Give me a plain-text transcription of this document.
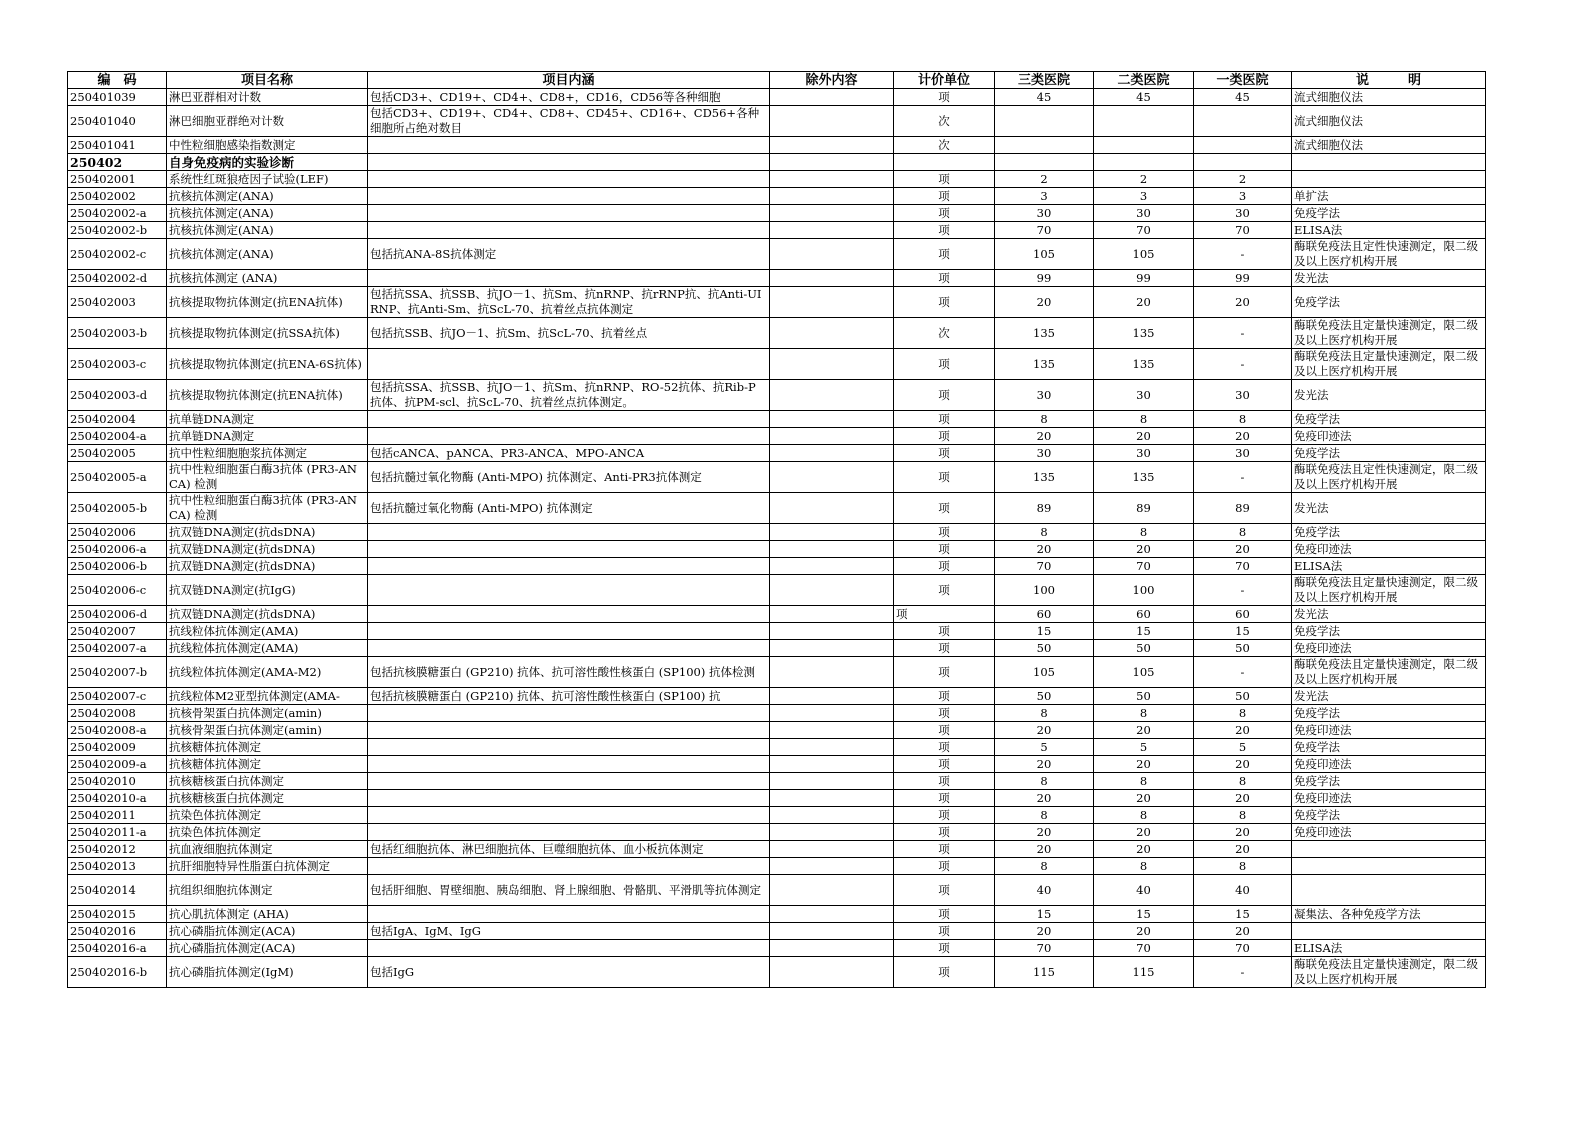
编　码	项目名称	项目内涵	除外内容	计价单位	三类医院	二类医院	一类医院	说　　　明
250401039	淋巴亚群相对计数	包括CD3+、CD19+、CD4+、CD8+，CD16，CD56等各种细胞		项	45	45	45	流式细胞仪法
250401040	淋巴细胞亚群绝对计数	包括CD3+、CD19+、CD4+、CD8+、CD45+、CD16+、CD56+各种细胞所占绝对数目		次				流式细胞仪法
250401041	中性粒细胞感染指数测定			次				流式细胞仪法
250402	自身免疫病的实验诊断							
250402001	系统性红斑狼疮因子试验(LEF)			项	2	2	2	
250402002	抗核抗体测定(ANA)			项	3	3	3	单扩法
250402002-a	抗核抗体测定(ANA)			项	30	30	30	免疫学法
250402002-b	抗核抗体测定(ANA)			项	70	70	70	ELISA法
250402002-c	抗核抗体测定(ANA)	包括抗ANA-8S抗体测定		项	105	105	-	酶联免疫法且定性快速测定，限二级及以上医疗机构开展
250402002-d	抗核抗体测定 (ANA)			项	99	99	99	发光法
250402003	抗核提取物抗体测定(抗ENA抗体)	包括抗SSA、抗SSB、抗JO－1、抗Sm、抗nRNP、抗rRNP抗、抗Anti-UIRNP、抗Anti-Sm、抗ScL-70、抗着丝点抗体测定		项	20	20	20	免疫学法
250402003-b	抗核提取物抗体测定(抗SSA抗体)	包括抗SSB、抗JO－1、抗Sm、抗ScL-70、抗着丝点		次	135	135	-	酶联免疫法且定量快速测定，限二级及以上医疗机构开展
250402003-c	抗核提取物抗体测定(抗ENA-6S抗体)			项	135	135	-	酶联免疫法且定量快速测定，限二级及以上医疗机构开展
250402003-d	抗核提取物抗体测定(抗ENA抗体)	包括抗SSA、抗SSB、抗JO－1、抗Sm、抗nRNP、RO-52抗体、抗Rib-P抗体、抗PM-scl、抗ScL-70、抗着丝点抗体测定。		项	30	30	30	发光法
250402004	抗单链DNA测定			项	8	8	8	免疫学法
250402004-a	抗单链DNA测定			项	20	20	20	免疫印迹法
250402005	抗中性粒细胞胞浆抗体测定	包括cANCA、pANCA、PR3-ANCA、MPO-ANCA		项	30	30	30	免疫学法
250402005-a	抗中性粒细胞蛋白酶3抗体 (PR3-ANCA) 检测	包括抗髓过氧化物酶 (Anti-MPO) 抗体测定、Anti-PR3抗体测定		项	135	135	-	酶联免疫法且定性快速测定，限二级及以上医疗机构开展
250402005-b	抗中性粒细胞蛋白酶3抗体 (PR3-ANCA) 检测	包括抗髓过氧化物酶 (Anti-MPO) 抗体测定		项	89	89	89	发光法
250402006	抗双链DNA测定(抗dsDNA)			项	8	8	8	免疫学法
250402006-a	抗双链DNA测定(抗dsDNA)			项	20	20	20	免疫印迹法
250402006-b	抗双链DNA测定(抗dsDNA)			项	70	70	70	ELISA法
250402006-c	抗双链DNA测定(抗IgG)			项	100	100	-	酶联免疫法且定量快速测定，限二级及以上医疗机构开展
250402006-d	抗双链DNA测定(抗dsDNA)			项	60	60	60	发光法
250402007	抗线粒体抗体测定(AMA)			项	15	15	15	免疫学法
250402007-a	抗线粒体抗体测定(AMA)			项	50	50	50	免疫印迹法
250402007-b	抗线粒体抗体测定(AMA-M2)	包括抗核膜糖蛋白 (GP210) 抗体、抗可溶性酸性核蛋白 (SP100) 抗体检测		项	105	105	-	酶联免疫法且定量快速测定，限二级及以上医疗机构开展
250402007-c	抗线粒体M2亚型抗体测定(AMA-	包括抗核膜糖蛋白 (GP210) 抗体、抗可溶性酸性核蛋白 (SP100) 抗		项	50	50	50	发光法
250402008	抗核骨架蛋白抗体测定(amin)			项	8	8	8	免疫学法
250402008-a	抗核骨架蛋白抗体测定(amin)			项	20	20	20	免疫印迹法
250402009	抗核糖体抗体测定			项	5	5	5	免疫学法
250402009-a	抗核糖体抗体测定			项	20	20	20	免疫印迹法
250402010	抗核糖核蛋白抗体测定			项	8	8	8	免疫学法
250402010-a	抗核糖核蛋白抗体测定			项	20	20	20	免疫印迹法
250402011	抗染色体抗体测定			项	8	8	8	免疫学法
250402011-a	抗染色体抗体测定			项	20	20	20	免疫印迹法
250402012	抗血液细胞抗体测定	包括红细胞抗体、淋巴细胞抗体、巨噬细胞抗体、血小板抗体测定		项	20	20	20	
250402013	抗肝细胞特异性脂蛋白抗体测定			项	8	8	8	
250402014	抗组织细胞抗体测定	包括肝细胞、胃壁细胞、胰岛细胞、肾上腺细胞、骨骼肌、平滑肌等抗体测定		项	40	40	40	
250402015	抗心肌抗体测定 (AHA)			项	15	15	15	凝集法、各种免疫学方法
250402016	抗心磷脂抗体测定(ACA)	包括IgA、IgM、IgG		项	20	20	20	
250402016-a	抗心磷脂抗体测定(ACA)			项	70	70	70	ELISA法
250402016-b	抗心磷脂抗体测定(IgM)	包括IgG		项	115	115	-	酶联免疫法且定量快速测定，限二级及以上医疗机构开展
